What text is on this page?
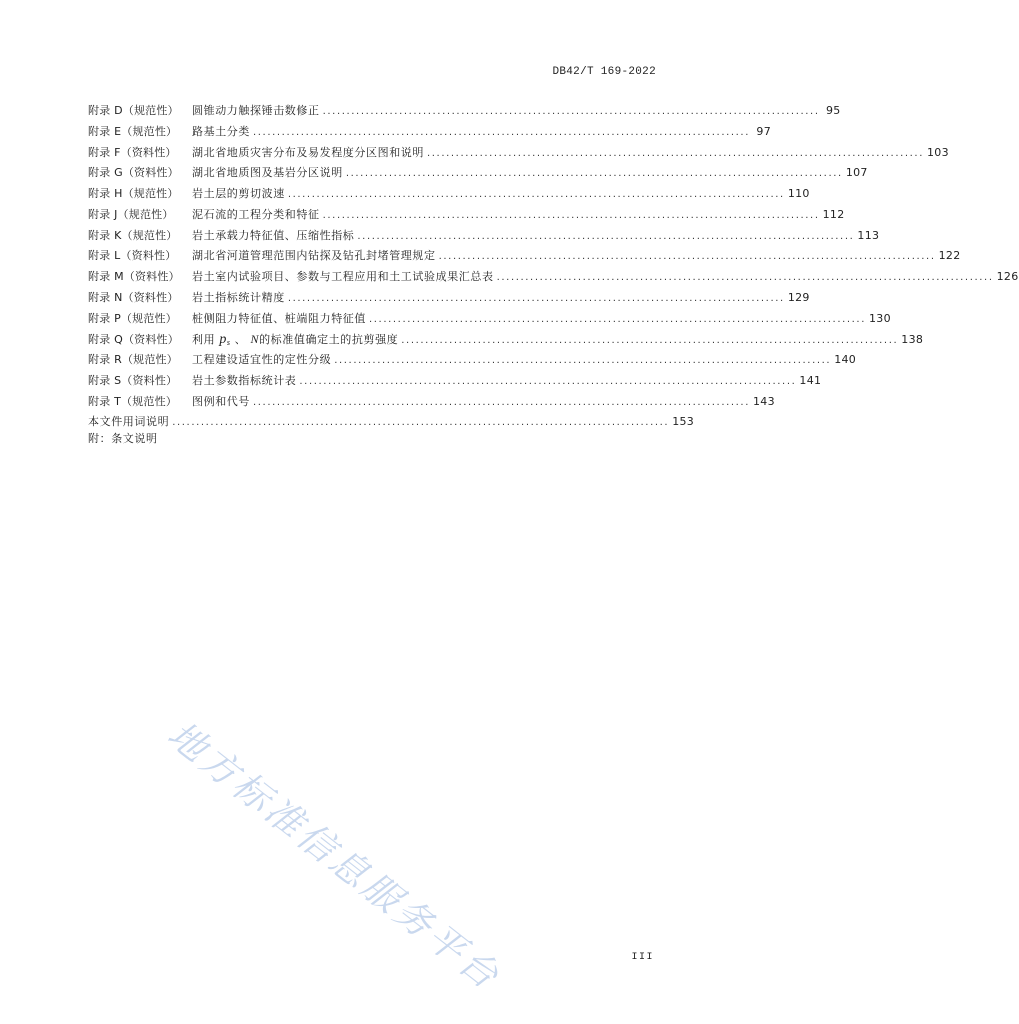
DB42/T 169-2022
附录 D（规范性）	圆锥动力触探锤击数修正 ........................................................................................................ 95
附录 E（规范性）	路基土分类 ........................................................................................................ 97
附录 F（资料性）	湖北省地质灾害分布及易发程度分区图和说明 ........................................................................................................ 103
附录 G（资料性）	湖北省地质图及基岩分区说明 ........................................................................................................ 107
附录 H（规范性）	岩土层的剪切波速 ........................................................................................................ 110
附录 J（规范性）	泥石流的工程分类和特征 ........................................................................................................ 112
附录 K（规范性）	岩土承载力特征值、压缩性指标 ........................................................................................................ 113
附录 L（资料性）	湖北省河道管理范围内钻探及钻孔封堵管理规定 ........................................................................................................ 122
附录 M（资料性）	岩土室内试验项目、参数与工程应用和土工试验成果汇总表 ........................................................................................................ 126
附录 N（资料性）	岩土指标统计精度 ........................................................................................................ 129
附录 P（规范性）	桩侧阻力特征值、桩端阻力特征值 ........................................................................................................ 130
附录 Q（资料性）	利用 $p_s$ 、 N的标准值确定土的抗剪强度 ........................................................................................................ 138
附录 R（规范性）	工程建设适宜性的定性分级 ........................................................................................................ 140
附录 S（资料性）	岩土参数指标统计表 ........................................................................................................ 141
附录 T（规范性）	图例和代号 ........................................................................................................ 143
本文件用词说明 ........................................................................................................ 153
附：条文说明
地方标准信息服务平台	III
